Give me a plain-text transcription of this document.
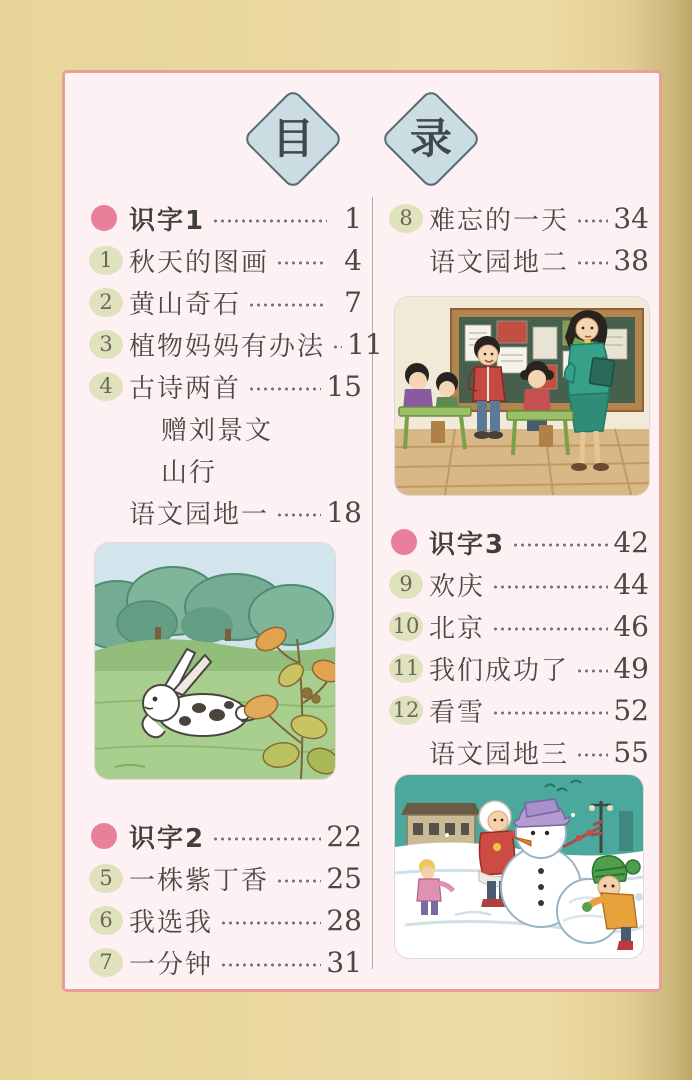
目 录
识字1	1
1 秋天的图画	4
2 黄山奇石	7
3 植物妈妈有办法 11
4 古诗两首	15
赠刘景文
山行
语文园地一 18
识字2	22
5 一株紫丁香 25
6 我选我	28
7 一分钟	31
8 难忘的一天 34
语文园地二 38
识字3	42
9 欢庆	44
10 北京	46
11 我们成功了 49
12 看雪	52
语文园地三 55
